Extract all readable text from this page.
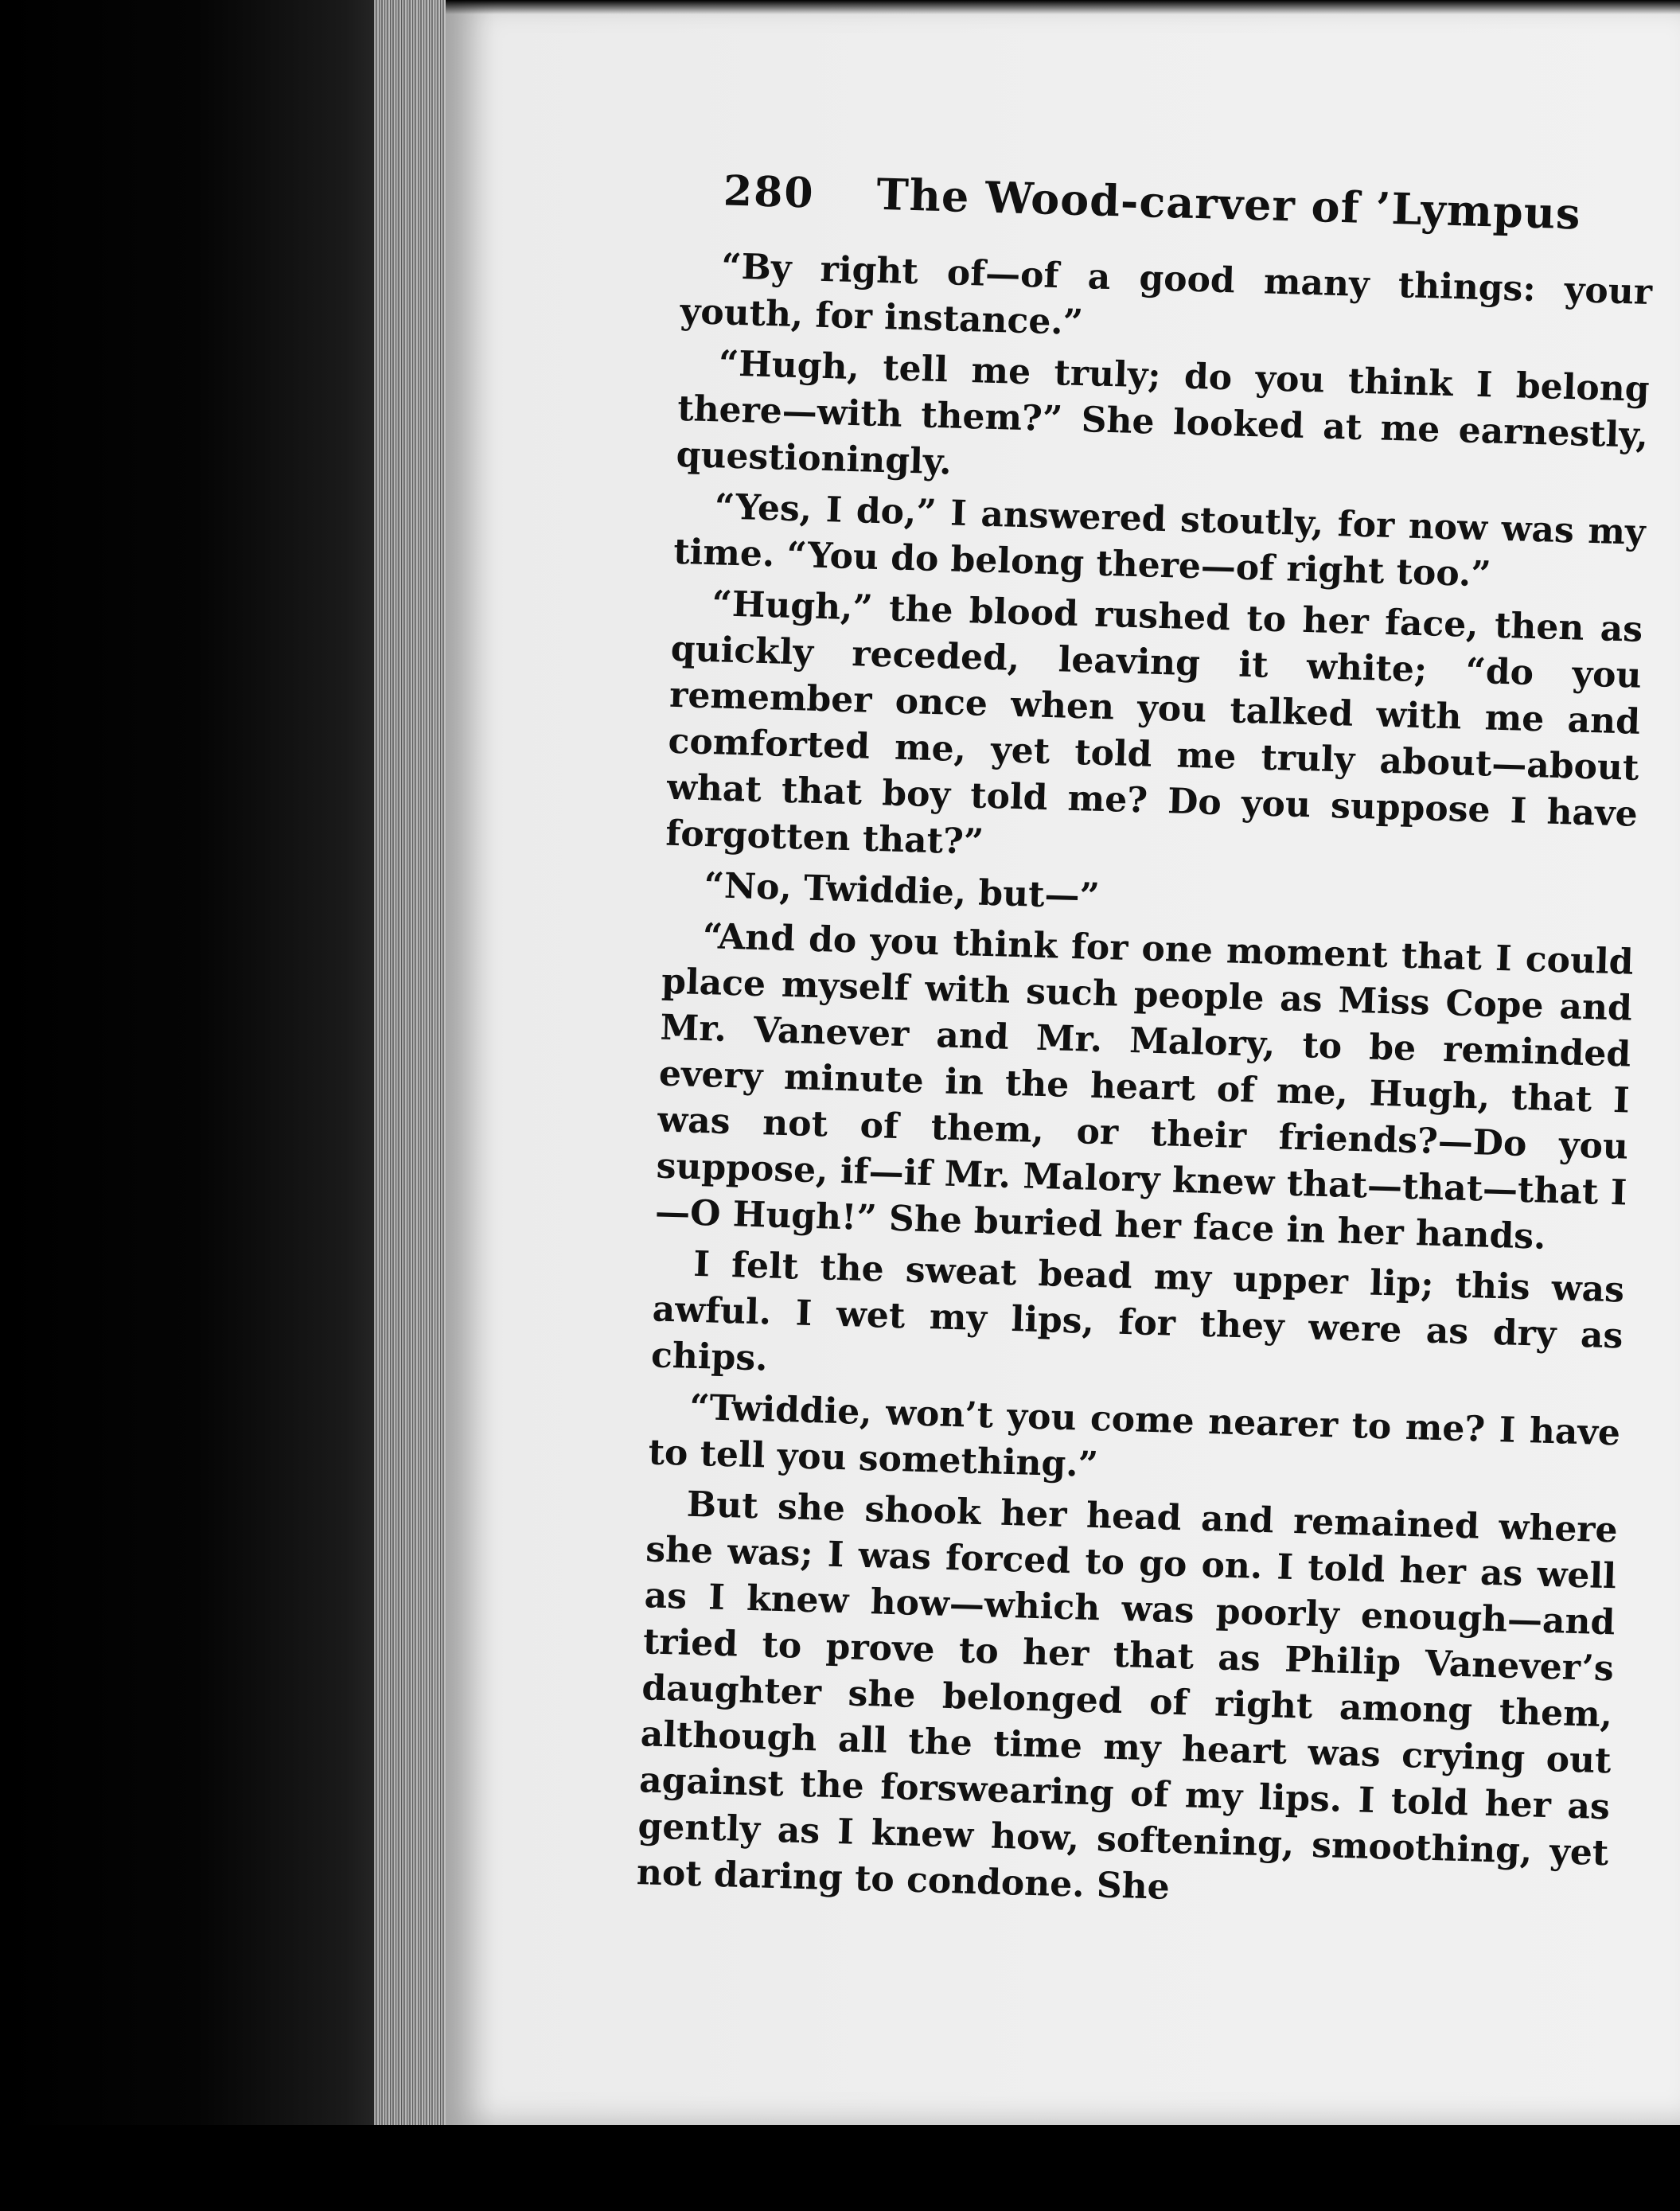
280 The Wood-carver of ’Lympus

“By right of—of a good many things: your youth, for instance.”

“Hugh, tell me truly; do you think I belong there—with them?” She looked at me earnestly, questioningly.

“Yes, I do,” I answered stoutly, for now was my time. “You do belong there—of right too.”

“Hugh,” the blood rushed to her face, then as quickly receded, leaving it white; “do you remember once when you talked with me and comforted me, yet told me truly about—about what that boy told me? Do you suppose I have forgotten that?”

“No, Twiddie, but—”

“And do you think for one moment that I could place myself with such people as Miss Cope and Mr. Vanever and Mr. Malory, to be reminded every minute in the heart of me, Hugh, that I was not of them, or their friends?—Do you suppose, if—if Mr. Malory knew that—that—that I—O Hugh!” She buried her face in her hands.

I felt the sweat bead my upper lip; this was awful. I wet my lips, for they were as dry as chips.

“Twiddie, won’t you come nearer to me? I have to tell you something.”

But she shook her head and remained where she was; I was forced to go on. I told her as well as I knew how—which was poorly enough—and tried to prove to her that as Philip Vanever’s daughter she belonged of right among them, although all the time my heart was crying out against the forswearing of my lips. I told her as gently as I knew how, softening, smoothing, yet not daring to condone. She
